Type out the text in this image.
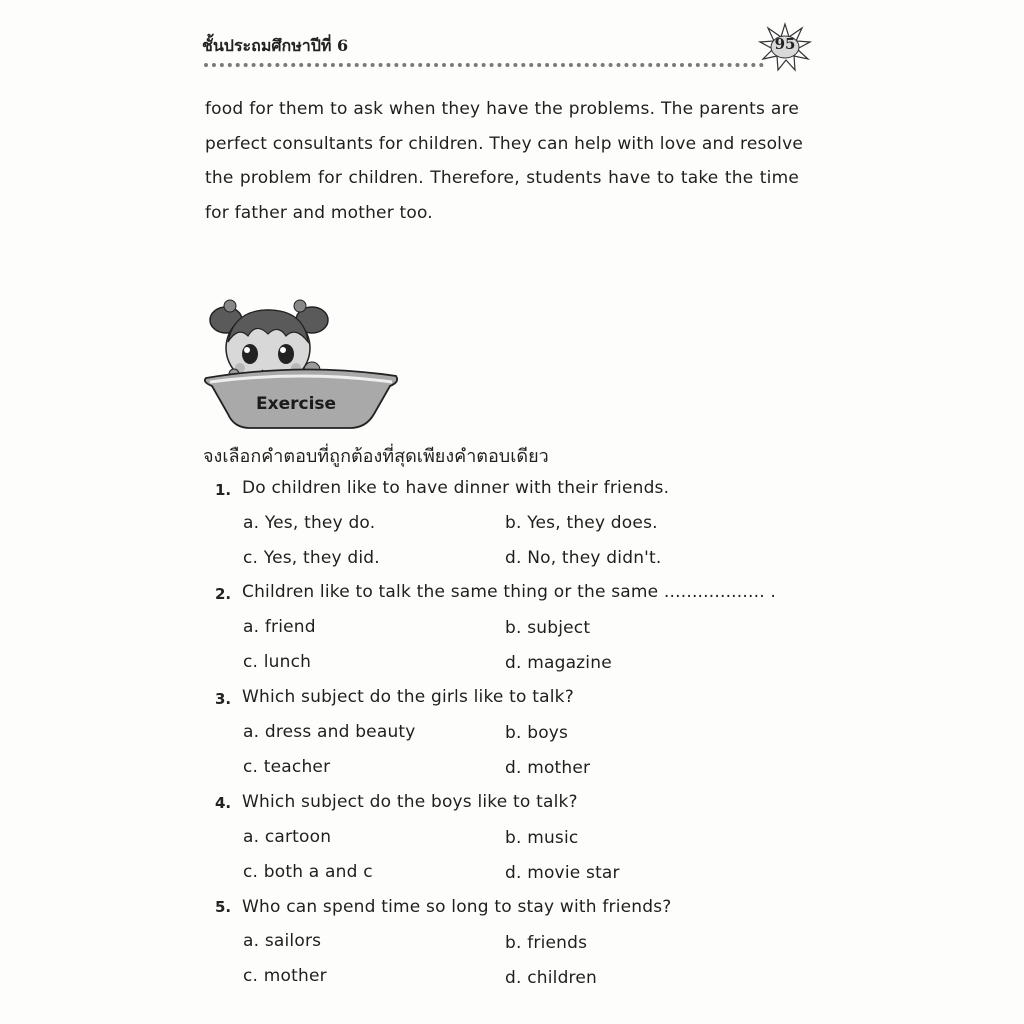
ชั้นประถมศึกษาปีที่ 6	95
food for them to ask when they have the problems. The parents are
perfect consultants for children. They can help with love and resolve
the problem for children. Therefore, students have to take the time
for father and mother too.
Exercise
จงเลือกคำตอบที่ถูกต้องที่สุดเพียงคำตอบเดียว
1. Do children like to have dinner with their friends.
a. Yes, they do.	b. Yes, they does.
c. Yes, they did.	d. No, they didn't.
2. Children like to talk the same thing or the same .................. .
a. friend	b. subject
c. lunch	d. magazine
3. Which subject do the girls like to talk?
a. dress and beauty	b. boys
c. teacher	d. mother
4. Which subject do the boys like to talk?
a. cartoon	b. music
c. both a and c	d. movie star
5. Who can spend time so long to stay with friends?
a. sailors	b. friends
c. mother	d. children
